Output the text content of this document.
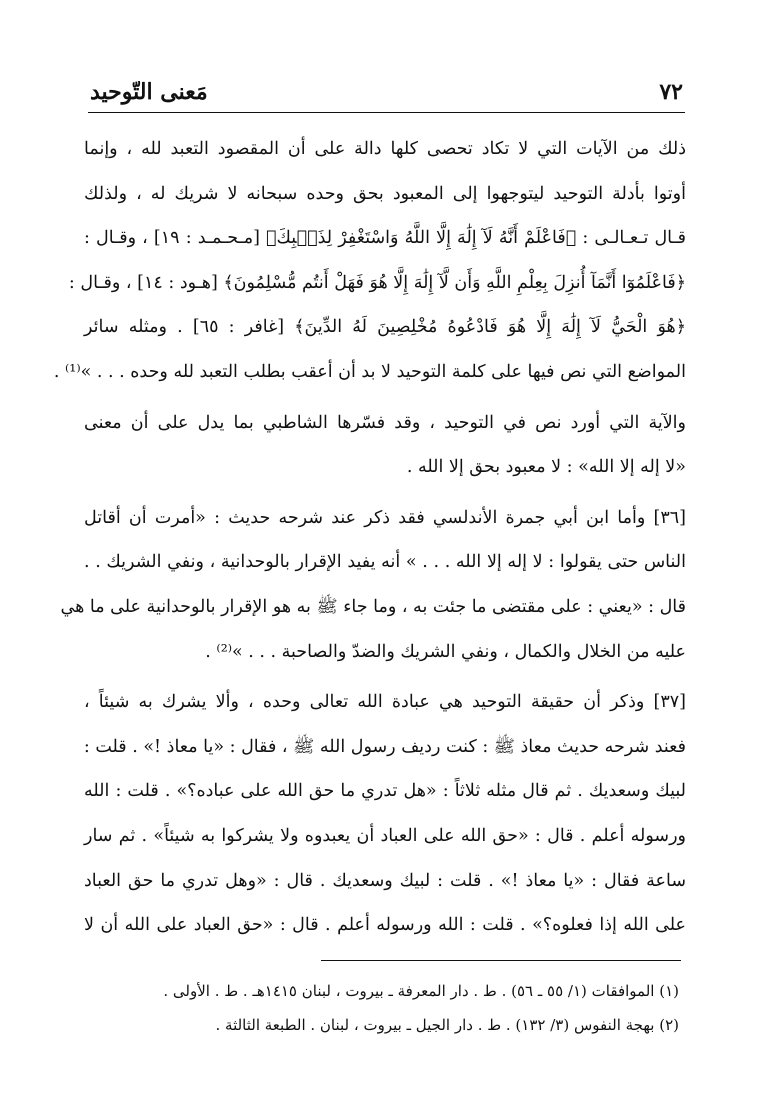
٧٢
مَعنى التّوحيد
ذلك من الآيات التي لا تكاد تحصى كلها دالة على أن المقصود التعبد لله ، وإنما
أوتوا بأدلة التوحيد ليتوجهوا إلى المعبود بحق وحده سبحانه لا شريك له ، ولذلك
قـال تـعـالـى : ﴿فَاعْلَمْ أَنَّهُ لَآ إِلَٰهَ إِلَّا اللَّهُ وَاسْتَغْفِرْ لِذَنۢبِكَ﴾ [مـحـمـد : ١٩] ، وقـال :
﴿فَاعْلَمُوٓا أَنَّمَآ أُنزِلَ بِعِلْمِ اللَّهِ وَأَن لَّآ إِلَٰهَ إِلَّا هُوَ فَهَلْ أَنتُم مُّسْلِمُونَ﴾ [هـود : ١٤] ، وقـال :
﴿هُوَ الْحَيُّ لَآ إِلَٰهَ إِلَّا هُوَ فَادْعُوهُ مُخْلِصِينَ لَهُ الدِّينَ﴾ [غافر : ٦٥] . ومثله سائر
المواضع التي نص فيها على كلمة التوحيد لا بد أن أعقب بطلب التعبد لله وحده . . . »⁽¹⁾ .
والآية التي أورد نص في التوحيد ، وقد فسّرها الشاطبي بما يدل على أن معنى
«لا إله إلا الله» : لا معبود بحق إلا الله .
[٣٦] وأما ابن أبي جمرة الأندلسي فقد ذكر عند شرحه حديث : «أمرت أن أقاتل
الناس حتى يقولوا : لا إله إلا الله . . . » أنه يفيد الإقرار بالوحدانية ، ونفي الشريك . .
قال : «يعني : على مقتضى ما جئت به ، وما جاء ﷺ به هو الإقرار بالوحدانية على ما هي
عليه من الخلال والكمال ، ونفي الشريك والضدّ والصاحبة . . . »⁽²⁾ .
[٣٧] وذكر أن حقيقة التوحيد هي عبادة الله تعالى وحده ، وألا يشرك به شيئاً ،
فعند شرحه حديث معاذ ﷺ : كنت رديف رسول الله ﷺ ، فقال : «يا معاذ !» . قلت :
لبيك وسعديك . ثم قال مثله ثلاثاً : «هل تدري ما حق الله على عباده؟» . قلت : الله
ورسوله أعلم . قال : «حق الله على العباد أن يعبدوه ولا يشركوا به شيئاً» . ثم سار
ساعة فقال : «يا معاذ !» . قلت : لبيك وسعديك . قال : «وهل تدري ما حق العباد
على الله إذا فعلوه؟» . قلت : الله ورسوله أعلم . قال : «حق العباد على الله أن لا
(١) الموافقات (١/ ٥٥ ـ ٥٦) . ط . دار المعرفة ـ بيروت ، لبنان ١٤١٥هـ . ط . الأولى .
(٢) بهجة النفوس (٣/ ١٣٢) . ط . دار الجيل ـ بيروت ، لبنان . الطبعة الثالثة .
